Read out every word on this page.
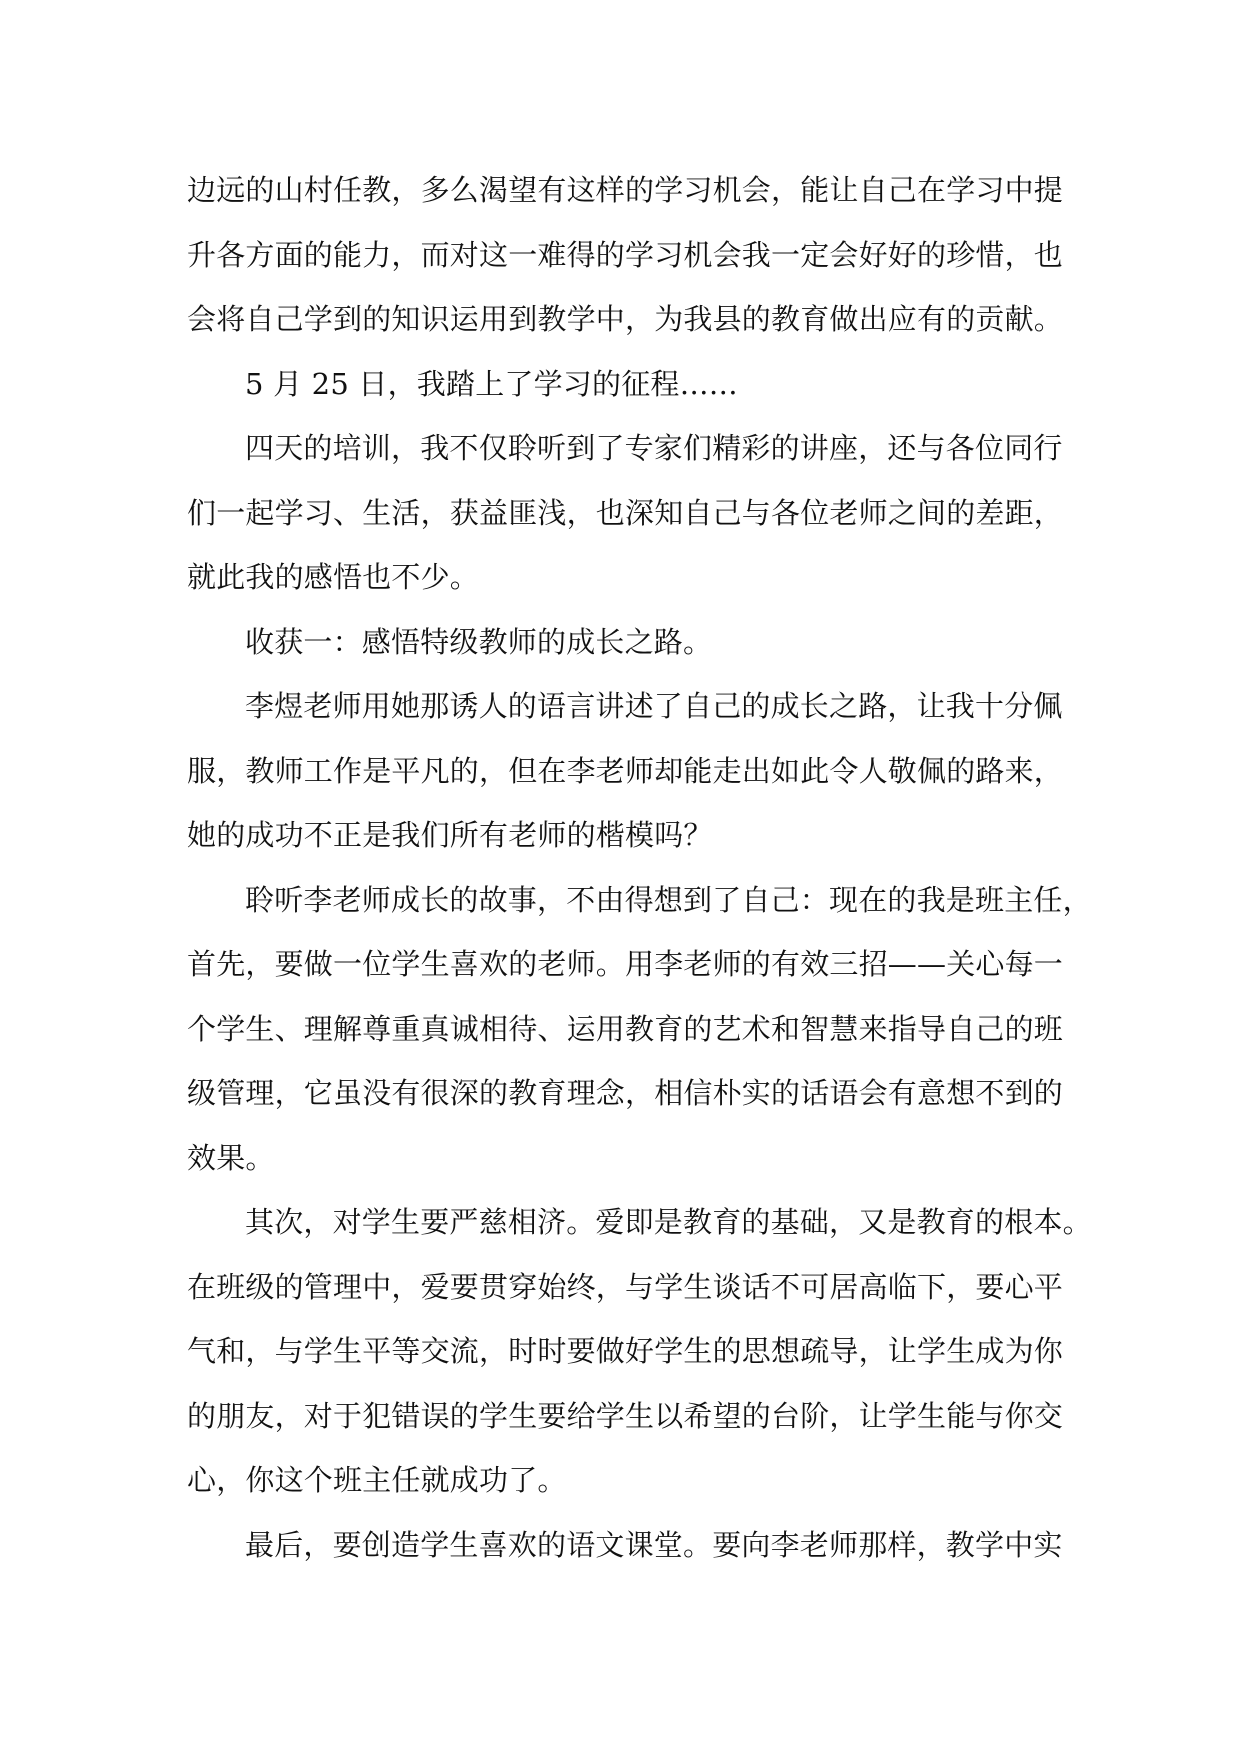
边远的山村任教，多么渴望有这样的学习机会，能让自己在学习中提
升各方面的能力，而对这一难得的学习机会我一定会好好的珍惜，也
会将自己学到的知识运用到教学中，为我县的教育做出应有的贡献。
5 月 25 日，我踏上了学习的征程……
四天的培训，我不仅聆听到了专家们精彩的讲座，还与各位同行
们一起学习、生活，获益匪浅，也深知自己与各位老师之间的差距，
就此我的感悟也不少。
收获一：感悟特级教师的成长之路。
李煜老师用她那诱人的语言讲述了自己的成长之路，让我十分佩
服，教师工作是平凡的，但在李老师却能走出如此令人敬佩的路来，
她的成功不正是我们所有老师的楷模吗？
聆听李老师成长的故事，不由得想到了自己：现在的我是班主任，
首先，要做一位学生喜欢的老师。用李老师的有效三招——关心每一
个学生、理解尊重真诚相待、运用教育的艺术和智慧来指导自己的班
级管理，它虽没有很深的教育理念，相信朴实的话语会有意想不到的
效果。
其次，对学生要严慈相济。爱即是教育的基础，又是教育的根本。
在班级的管理中，爱要贯穿始终，与学生谈话不可居高临下，要心平
气和，与学生平等交流，时时要做好学生的思想疏导，让学生成为你
的朋友，对于犯错误的学生要给学生以希望的台阶，让学生能与你交
心，你这个班主任就成功了。
最后，要创造学生喜欢的语文课堂。要向李老师那样，教学中实
